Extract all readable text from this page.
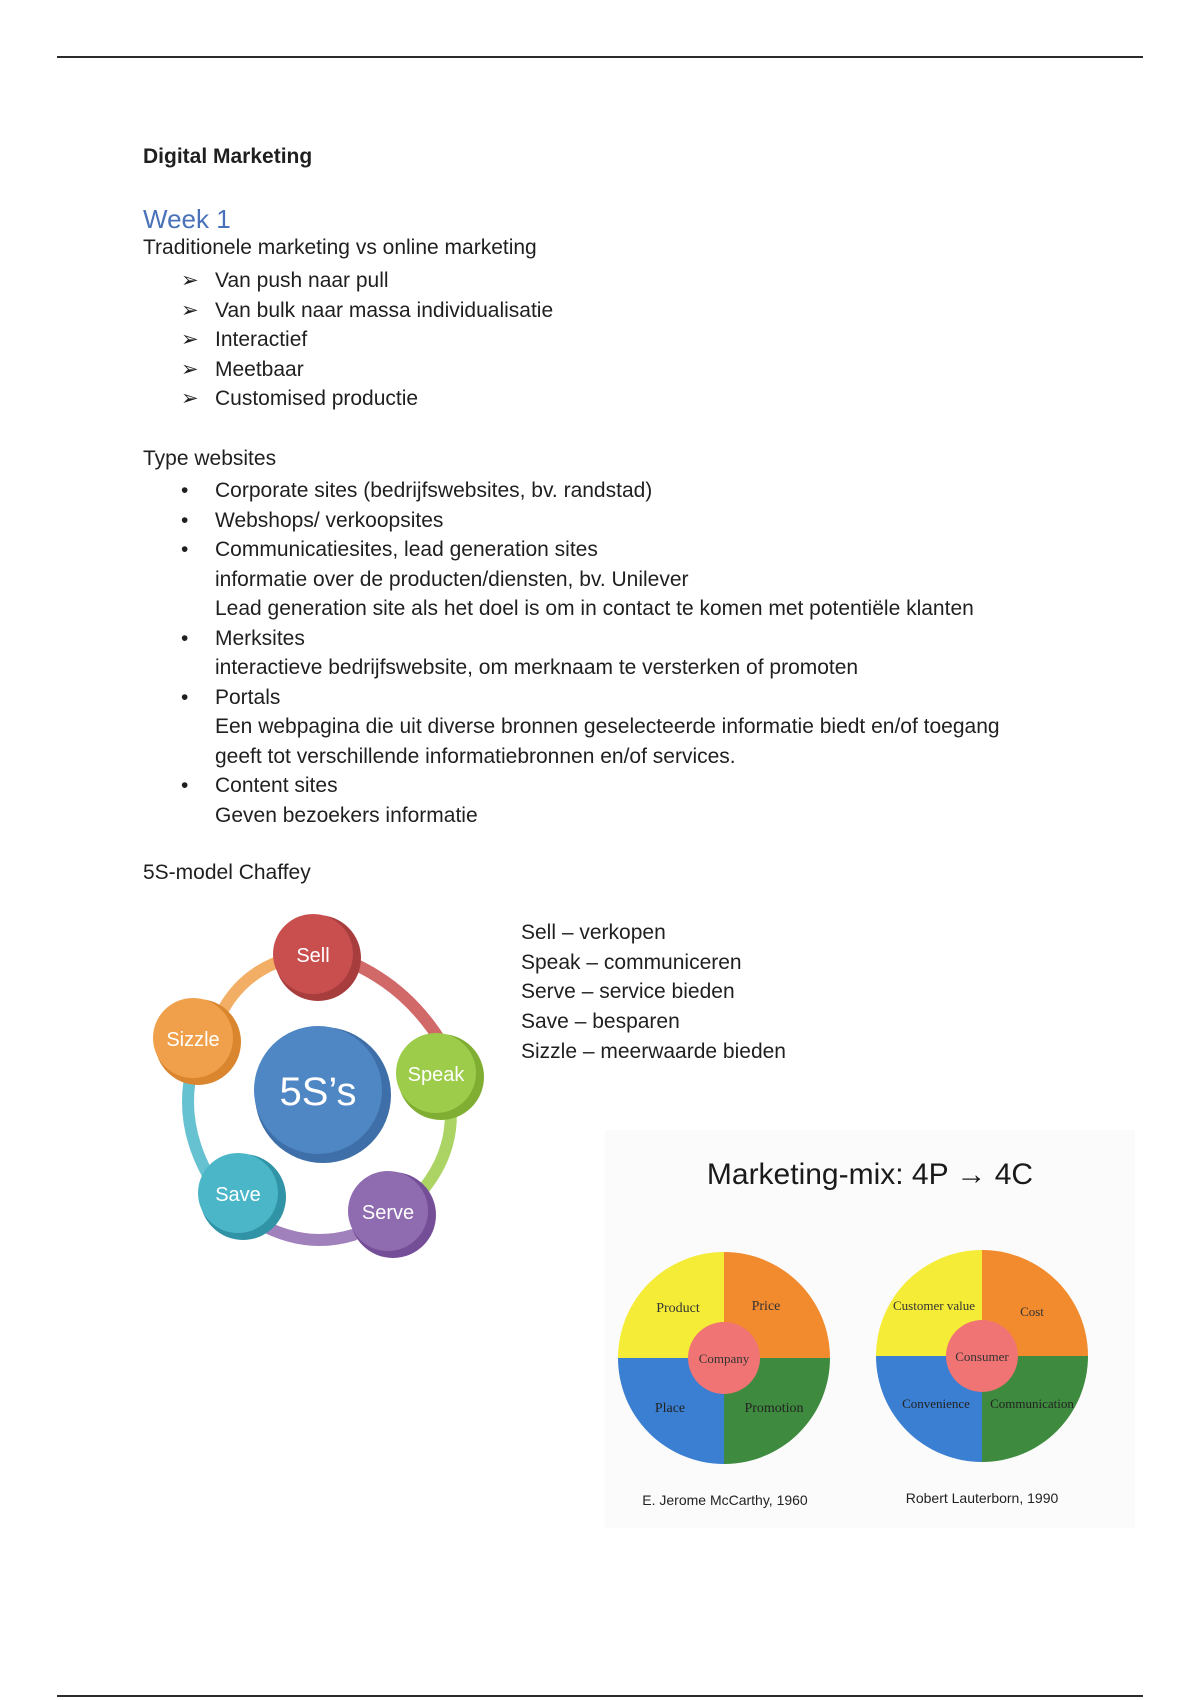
Digital Marketing
Week 1
Traditionele marketing vs online marketing
➢ Van push naar pull
➢ Van bulk naar massa individualisatie
➢ Interactief
➢ Meetbaar
➢ Customised productie
Type websites
• Corporate sites (bedrijfswebsites, bv. randstad)
• Webshops/ verkoopsites
• Communicatiesites, lead generation sites
informatie over de producten/diensten, bv. Unilever
Lead generation site als het doel is om in contact te komen met potentiële klanten
• Merksites
interactieve bedrijfswebsite, om merknaam te versterken of promoten
• Portals
Een webpagina die uit diverse bronnen geselecteerde informatie biedt en/of toegang
geeft tot verschillende informatiebronnen en/of services.
• Content sites
Geven bezoekers informatie
5S-model Chaffey
5S’s
Sell
Speak
Serve
Save
Sizzle
Sell – verkopen
Speak – communiceren
Serve – service bieden
Save – besparen
Sizzle – meerwaarde bieden
Marketing-mix: 4P → 4C
Product	Price
Place	Promotion
Company
E. Jerome McCarthy, 1960
Customer value	Cost
Convenience Communication
Consumer
Robert Lauterborn, 1990
